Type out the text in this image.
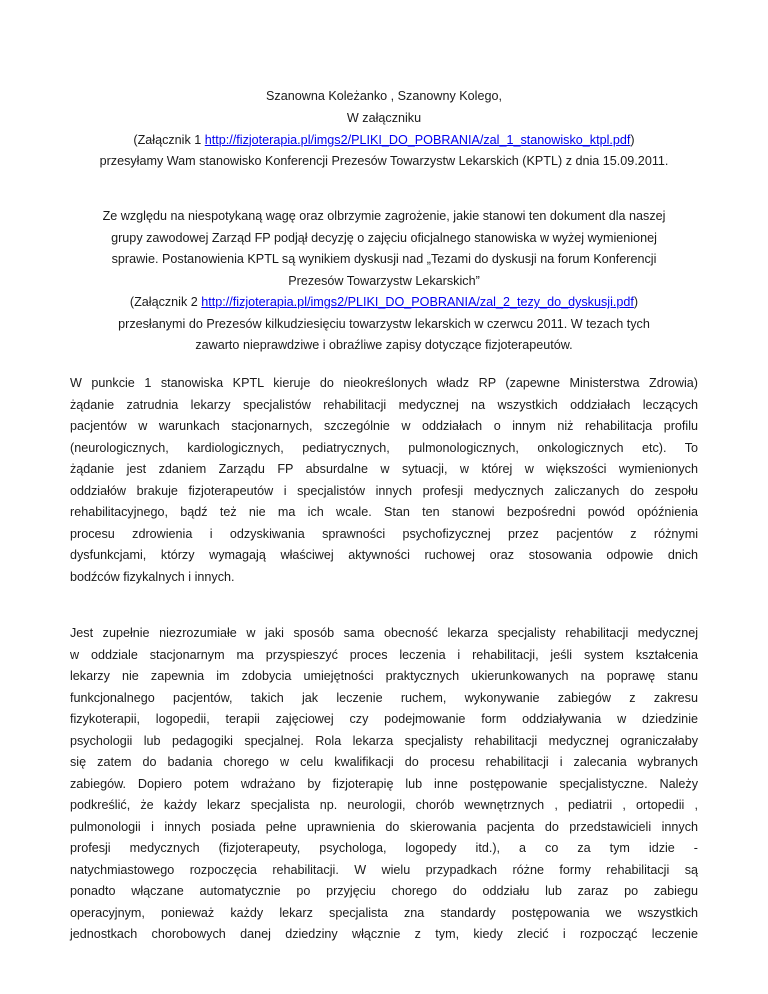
Szanowna Koleżanko , Szanowny Kolego,
W załączniku
(Załącznik 1 http://fizjoterapia.pl/imgs2/PLIKI_DO_POBRANIA/zal_1_stanowisko_ktpl.pdf)
przesyłamy Wam stanowisko Konferencji Prezesów Towarzystw Lekarskich (KPTL) z dnia 15.09.2011.
Ze względu na niespotykaną wagę oraz olbrzymie zagrożenie, jakie stanowi ten dokument dla naszej
grupy zawodowej Zarząd FP podjął decyzję o zajęciu oficjalnego stanowiska w wyżej wymienionej
sprawie. Postanowienia KPTL są wynikiem dyskusji nad „Tezami do dyskusji na forum Konferencji
Prezesów Towarzystw Lekarskich”
(Załącznik 2 http://fizjoterapia.pl/imgs2/PLIKI_DO_POBRANIA/zal_2_tezy_do_dyskusji.pdf)
przesłanymi do Prezesów kilkudziesięciu towarzystw lekarskich w czerwcu 2011. W tezach tych
zawarto nieprawdziwe i obraźliwe zapisy dotyczące fizjoterapeutów.
W punkcie 1 stanowiska KPTL kieruje do nieokreślonych władz RP (zapewne Ministerstwa Zdrowia)
żądanie zatrudnia lekarzy specjalistów rehabilitacji medycznej na wszystkich oddziałach leczących
pacjentów w warunkach stacjonarnych, szczególnie w oddziałach o innym niż rehabilitacja profilu
(neurologicznych, kardiologicznych, pediatrycznych, pulmonologicznych, onkologicznych etc). To
żądanie jest zdaniem Zarządu FP absurdalne w sytuacji, w której w większości wymienionych
oddziałów brakuje fizjoterapeutów i specjalistów innych profesji medycznych zaliczanych do zespołu
rehabilitacyjnego, bądź też nie ma ich wcale. Stan ten stanowi bezpośredni powód opóźnienia
procesu zdrowienia i odzyskiwania sprawności psychofizycznej przez pacjentów z różnymi
dysfunkcjami, którzy wymagają właściwej aktywności ruchowej oraz stosowania odpowie dnich
bodźców fizykalnych i innych.
Jest zupełnie niezrozumiałe w jaki sposób sama obecność lekarza specjalisty rehabilitacji medycznej
w oddziale stacjonarnym ma przyspieszyć proces leczenia i rehabilitacji, jeśli system kształcenia
lekarzy nie zapewnia im zdobycia umiejętności praktycznych ukierunkowanych na poprawę stanu
funkcjonalnego pacjentów, takich jak leczenie ruchem, wykonywanie zabiegów z zakresu
fizykoterapii, logopedii, terapii zajęciowej czy podejmowanie form oddziaływania w dziedzinie
psychologii lub pedagogiki specjalnej. Rola lekarza specjalisty rehabilitacji medycznej ograniczałaby
się zatem do badania chorego w celu kwalifikacji do procesu rehabilitacji i zalecania wybranych
zabiegów. Dopiero potem wdrażano by fizjoterapię lub inne postępowanie specjalistyczne. Należy
podkreślić, że każdy lekarz specjalista np. neurologii, chorób wewnętrznych , pediatrii , ortopedii ,
pulmonologii i innych posiada pełne uprawnienia do skierowania pacjenta do przedstawicieli innych
profesji medycznych (fizjoterapeuty, psychologa, logopedy itd.), a co za tym idzie -
natychmiastowego rozpoczęcia rehabilitacji. W wielu przypadkach różne formy rehabilitacji są
ponadto włączane automatycznie po przyjęciu chorego do oddziału lub zaraz po zabiegu
operacyjnym, ponieważ każdy lekarz specjalista zna standardy postępowania we wszystkich
jednostkach chorobowych danej dziedziny włącznie z tym, kiedy zlecić i rozpocząć leczenie
